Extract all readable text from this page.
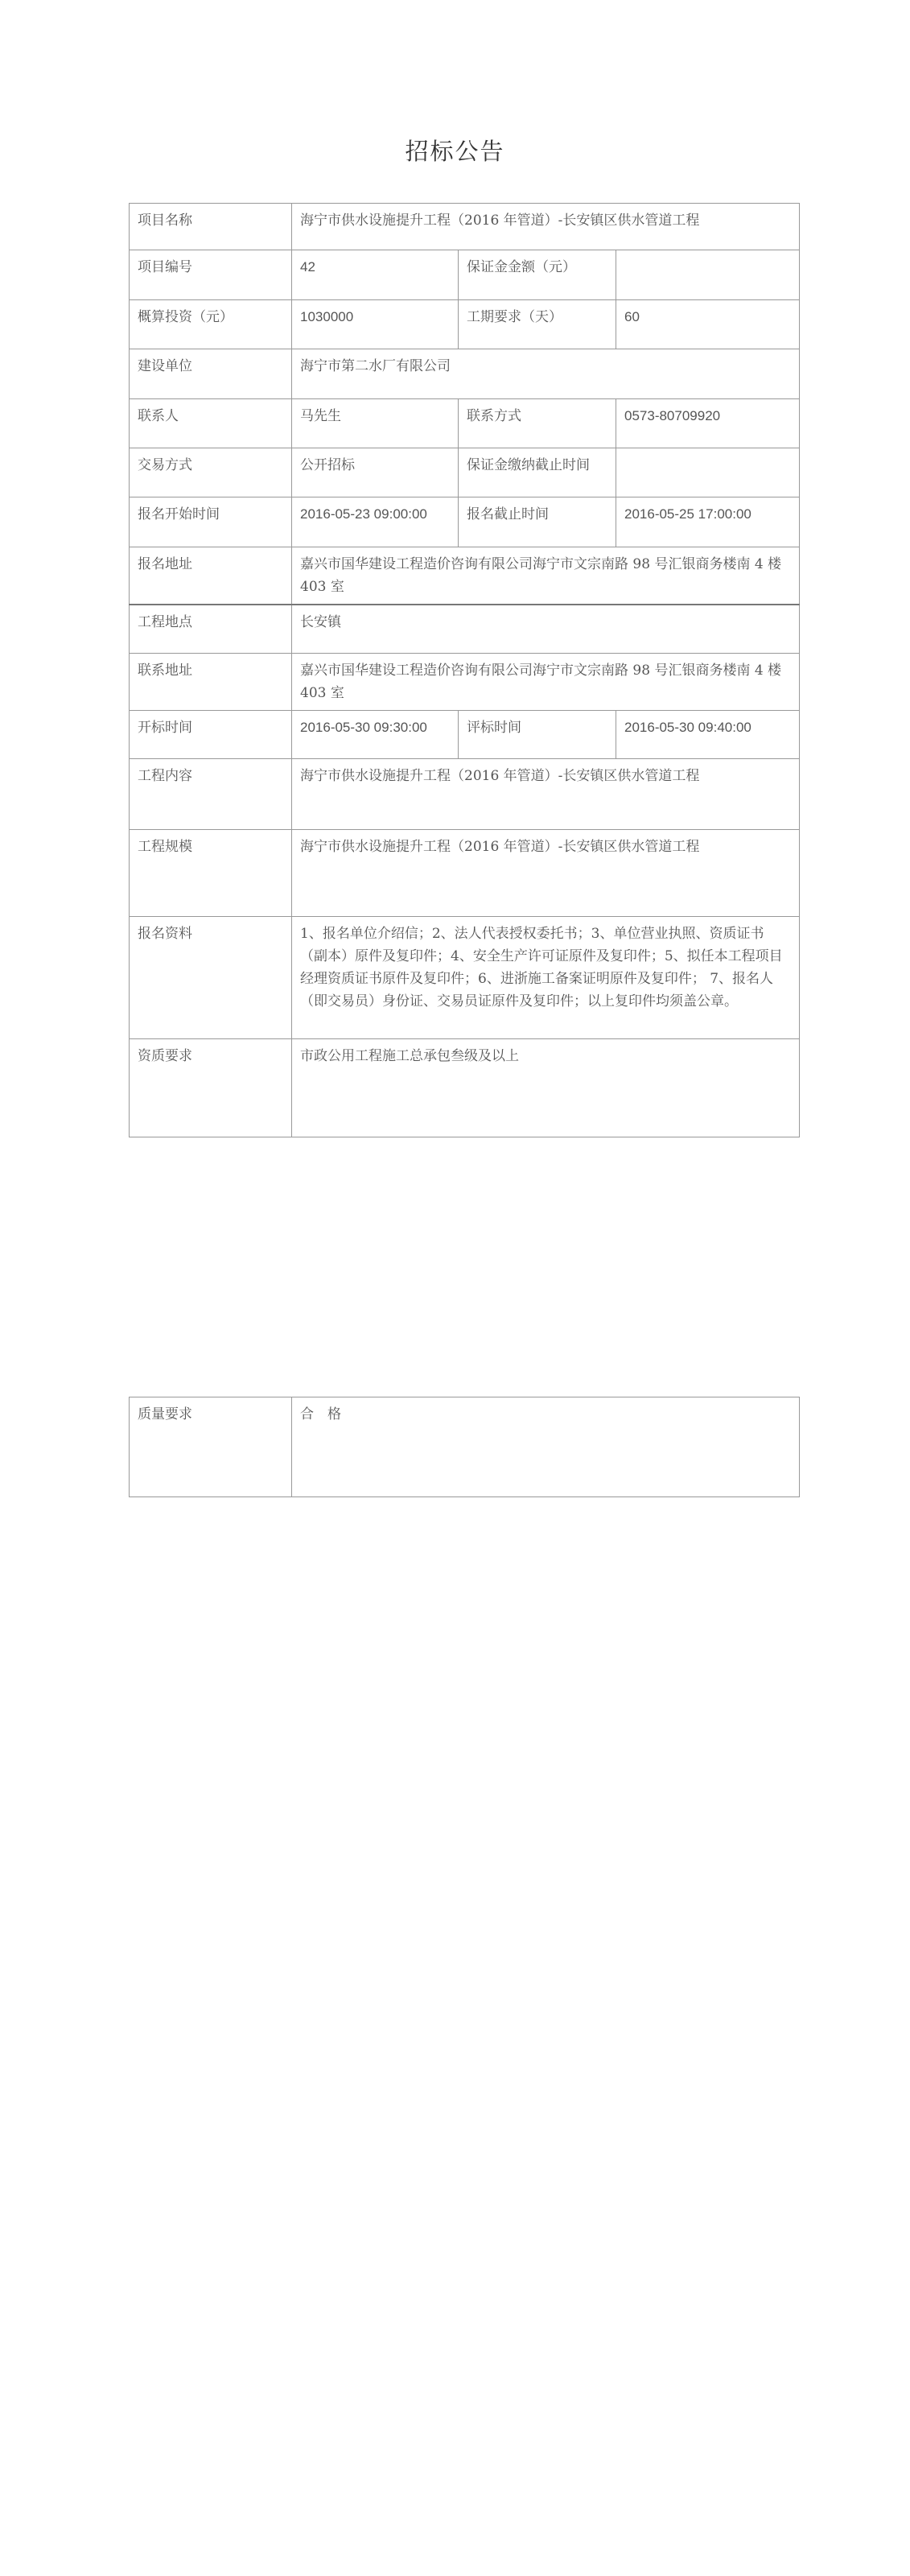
招标公告
项目名称	海宁市供水设施提升工程（2016 年管道）-长安镇区供水管道工程		
项目编号	42	保证金金额（元）	
概算投资（元）	1030000	工期要求（天）	60
建设单位	海宁市第二水厂有限公司		
联系人	马先生	联系方式	0573-80709920
交易方式	公开招标	保证金缴纳截止时间	
报名开始时间	2016-05-23 09:00:00	报名截止时间	2016-05-25 17:00:00
报名地址	嘉兴市国华建设工程造价咨询有限公司海宁市文宗南路 98 号汇银商务楼南 4 楼 403 室		
工程地点	长安镇		
联系地址	嘉兴市国华建设工程造价咨询有限公司海宁市文宗南路 98 号汇银商务楼南 4 楼 403 室		
开标时间	2016-05-30 09:30:00	评标时间	2016-05-30 09:40:00
工程内容	海宁市供水设施提升工程（2016 年管道）-长安镇区供水管道工程		
工程规模	海宁市供水设施提升工程（2016 年管道）-长安镇区供水管道工程		
报名资料	1、报名单位介绍信；2、法人代表授权委托书；3、单位营业执照、资质证书（副本）原件及复印件；4、安全生产许可证原件及复印件；5、拟任本工程项目经理资质证书原件及复印件；6、进浙施工备案证明原件及复印件； 7、报名人（即交易员）身份证、交易员证原件及复印件；以上复印件均须盖公章。		
资质要求	市政公用工程施工总承包叁级及以上		
质量要求	合　格
